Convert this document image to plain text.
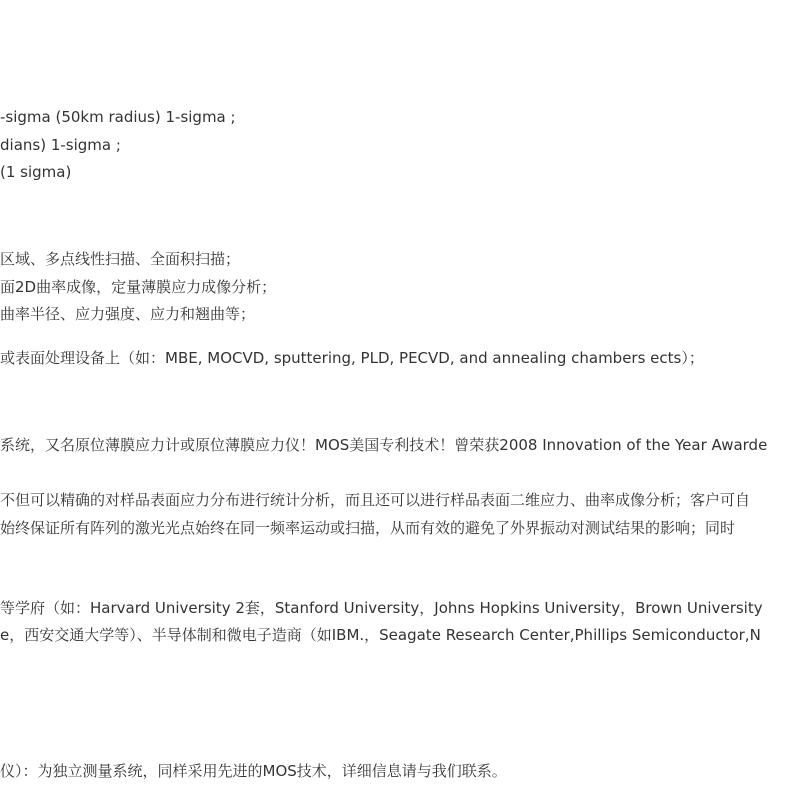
-sigma (50km radius) 1-sigma ;
dians) 1-sigma ;
(1 sigma)
区域、多点线性扫描、全面积扫描；
面2D曲率成像，定量薄膜应力成像分析；
曲率半径、应力强度、应力和翘曲等；
或表面处理设备上（如：MBE, MOCVD, sputtering, PLD, PECVD, and annealing chambers ects）；
系统，又名原位薄膜应力计或原位薄膜应力仪！MOS美国专利技术！曾荣获2008 Innovation of the Year Awarde
不但可以精确的对样品表面应力分布进行统计分析，而且还可以进行样品表面二维应力、曲率成像分析；客户可自
始终保证所有阵列的激光光点始终在同一频率运动或扫描，从而有效的避免了外界振动对测试结果的影响；同时
等学府（如：Harvard University 2套，Stanford University，Johns Hopkins University，Brown University
e，西安交通大学等）、半导体制和微电子造商（如IBM.，Seagate Research Center,Phillips Semiconductor,N
仪）：为独立测量系统，同样采用先进的MOS技术，详细信息请与我们联系。
